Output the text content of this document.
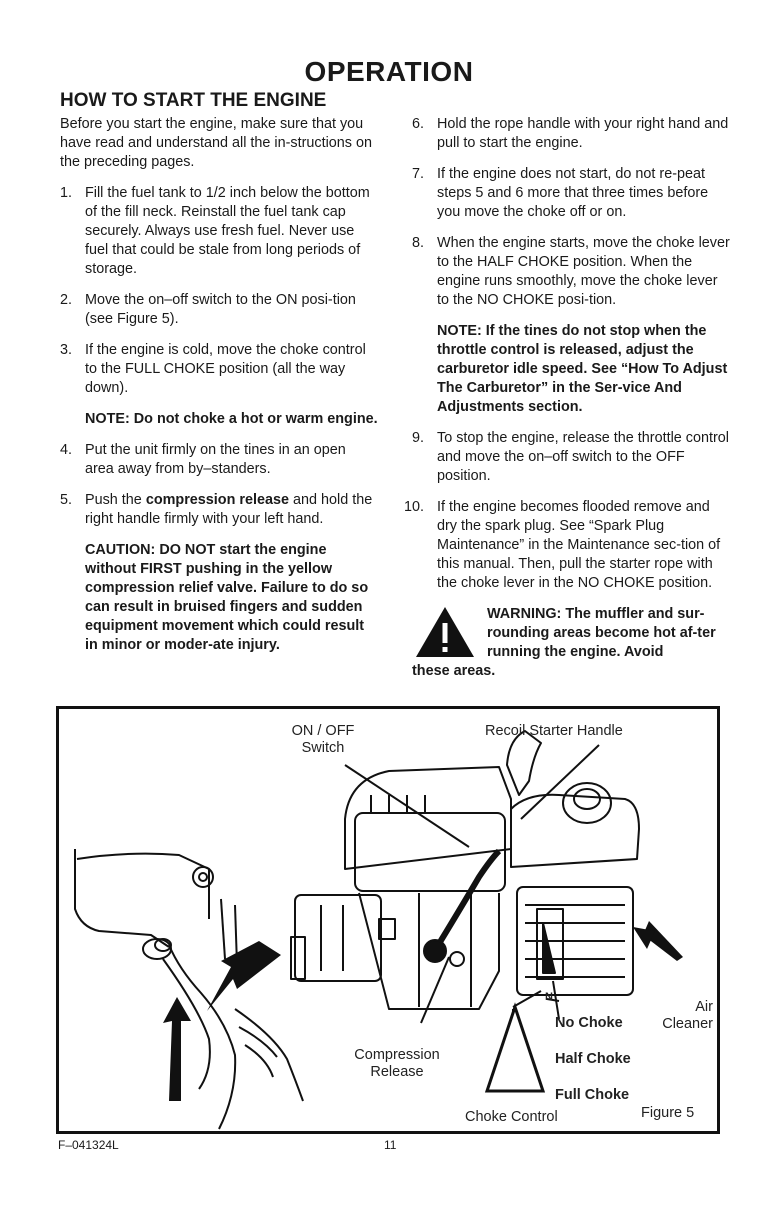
OPERATION
HOW TO START THE ENGINE

Before you start the engine, make sure that you have read and understand all the in-structions on the preceding pages.

1. Fill the fuel tank to 1/2 inch below the bottom of the fill neck. Reinstall the fuel tank cap securely. Always use fresh fuel. Never use fuel that could be stale from long periods of storage.
2. Move the on–off switch to the ON posi-tion (see Figure 5).
3. If the engine is cold, move the choke control to the FULL CHOKE position (all the way down).
NOTE: Do not choke a hot or warm engine.
4. Put the unit firmly on the tines in an open area away from by–standers.
5. Push the compression release and hold the right handle firmly with your left hand.
CAUTION: DO NOT start the engine without FIRST pushing in the yellow compression relief valve. Failure to do so can result in bruised fingers and sudden equipment movement which could result in minor or moder-ate injury.
6. Hold the rope handle with your right hand and pull to start the engine.
7. If the engine does not start, do not re-peat steps 5 and 6 more that three times before you move the choke off or on.
8. When the engine starts, move the choke lever to the HALF CHOKE position. When the engine runs smoothly, move the choke lever to the NO CHOKE posi-tion.
NOTE: If the tines do not stop when the throttle control is released, adjust the carburetor idle speed. See “How To Adjust The Carburetor” in the Ser-vice And Adjustments section.
9. To stop the engine, release the throttle control and move the on–off switch to the OFF position.
10. If the engine becomes flooded remove and dry the spark plug. See “Spark Plug Maintenance” in the Maintenance sec-tion of this manual. Then, pull the starter rope with the choke lever in the NO CHOKE position.
WARNING: The muffler and sur-rounding areas become hot af-ter running the engine. Avoid
these areas.
ON / OFF
Switch
Recoil Starter Handle
Air
Cleaner
N
No Choke
Half Choke
Full Choke
Compression
Release
Choke Control	Figure 5
F–041324L	11
